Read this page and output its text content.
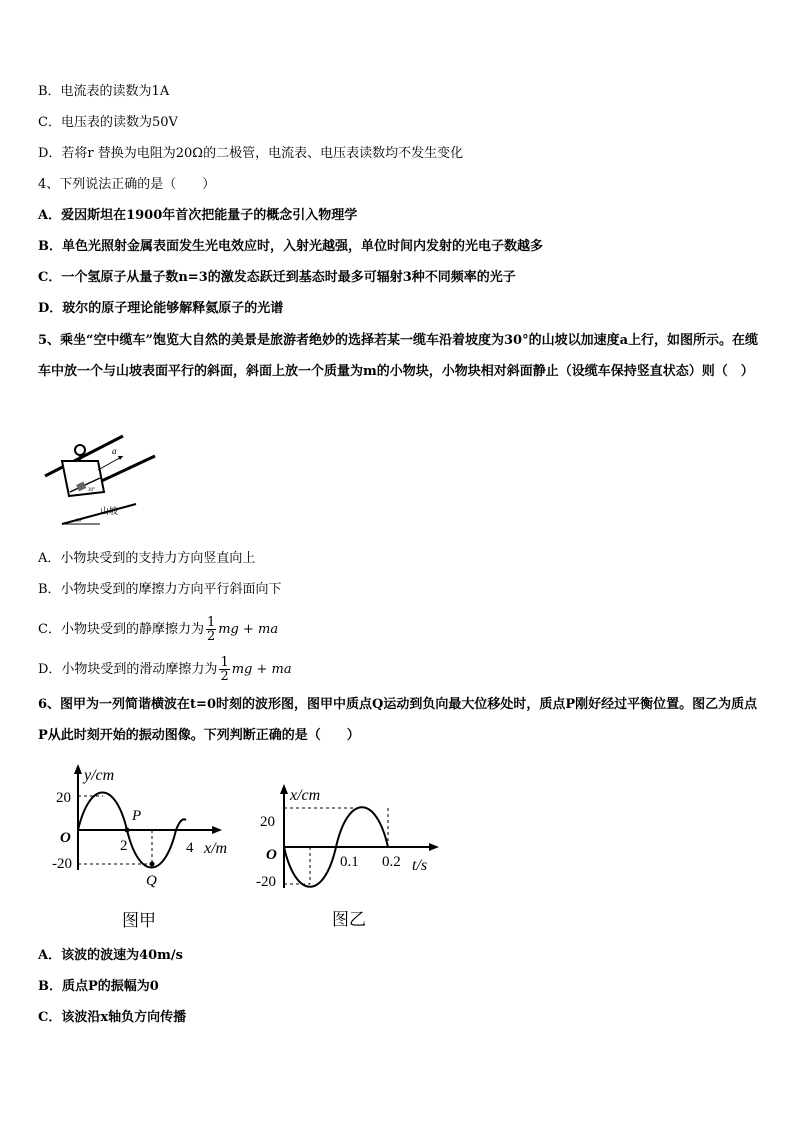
B．电流表的读数为1A
C．电压表的读数为50V
D．若将r 替换为电阻为20Ω的二极管，电流表、电压表读数均不发生变化
4、下列说法正确的是（　　）
A．爱因斯坦在1900年首次把能量子的概念引入物理学
B．单色光照射金属表面发生光电效应时，入射光越强，单位时间内发射的光电子数越多
C．一个氢原子从量子数n=3的激发态跃迁到基态时最多可辐射3种不同频率的光子
D．玻尔的原子理论能够解释氦原子的光谱
5、乘坐“空中缆车”饱览大自然的美景是旅游者绝妙的选择若某一缆车沿着坡度为30°的山坡以加速度a上行，如图所示。在缆车中放一个与山坡表面平行的斜面，斜面上放一个质量为m的小物块，小物块相对斜面静止（设缆车保持竖直状态）则（　）
a
30°
30°
山坡
A．小物块受到的支持力方向竖直向上
B．小物块受到的摩擦力方向平行斜面向下
C．小物块受到的静摩擦力为 $\frac{1}{2}$ mg + ma
D．小物块受到的滑动摩擦力为 $\frac{1}{2}$ mg + ma
6、图甲为一列简谐横波在t=0时刻的波形图，图甲中质点Q运动到负向最大位移处时，质点P刚好经过平衡位置。图乙为质点P从此时刻开始的振动图像。下列判断正确的是（　　）
y/cm
x/m
20
-20
O	2	4
P
Q
图甲
x/cm
t/s
20
-20
O	0.1 0.2
图乙
A．该波的波速为40m/s
B．质点P的振幅为0
C．该波沿x轴负方向传播
